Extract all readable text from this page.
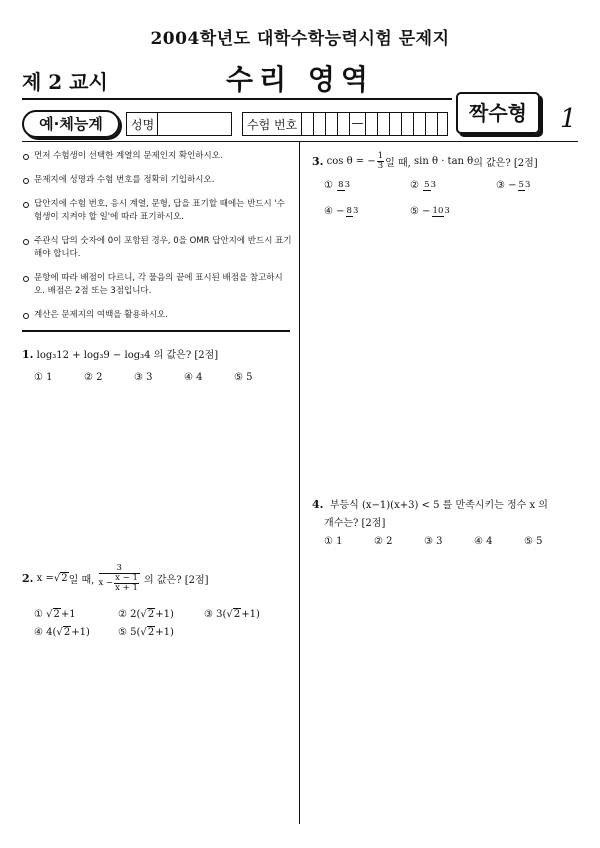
2004학년도 대학수학능력시험 문제지
제 2 교시	수리 영역
예·체능계	성명	수험 번호	—	짝수형	1
먼저 수험생이 선택한 계열의 문제인지 확인하시오.
문제지에 성명과 수험 번호를 정확히 기입하시오.
답안지에 수험 번호, 응시 계열, 문형, 답을 표기할 때에는 반드시 '수험생이 지켜야 할 일'에 따라 표기하시오.
주관식 답의 숫자에 0이 포함된 경우, 0을 OMR 답안지에 반드시 표기해야 합니다.
문항에 따라 배점이 다르니, 각 물음의 끝에 표시된 배점을 참고하시오. 배점은 2점 또는 3점입니다.
계산은 문제지의 여백을 활용하시오.
1. log₃12 + log₃9 − log₃4 의 값은? [2점]
① 1	② 2	③ 3	④ 4	⑤ 5
2.
x = √2 일 때,
$\frac{3}{x - \frac{x - 1}{x + 1}}$
의 값은? [2점]
① √2+1	② 2(√2+1)	③ 3(√2+1)
④ 4(√2+1)	⑤ 5(√2+1)
3.
cos θ = − $\frac{1}{3}$ 일 때,
sin θ · tan θ 의 값은? [2점]
① 83	② 53	③ − 53
④ − 83	⑤ − 103
4. 부등식 (x−1)(x+3) < 5 를 만족시키는 정수 x 의
개수는? [2점]
① 1	② 2	③ 3	④ 4	⑤ 5
